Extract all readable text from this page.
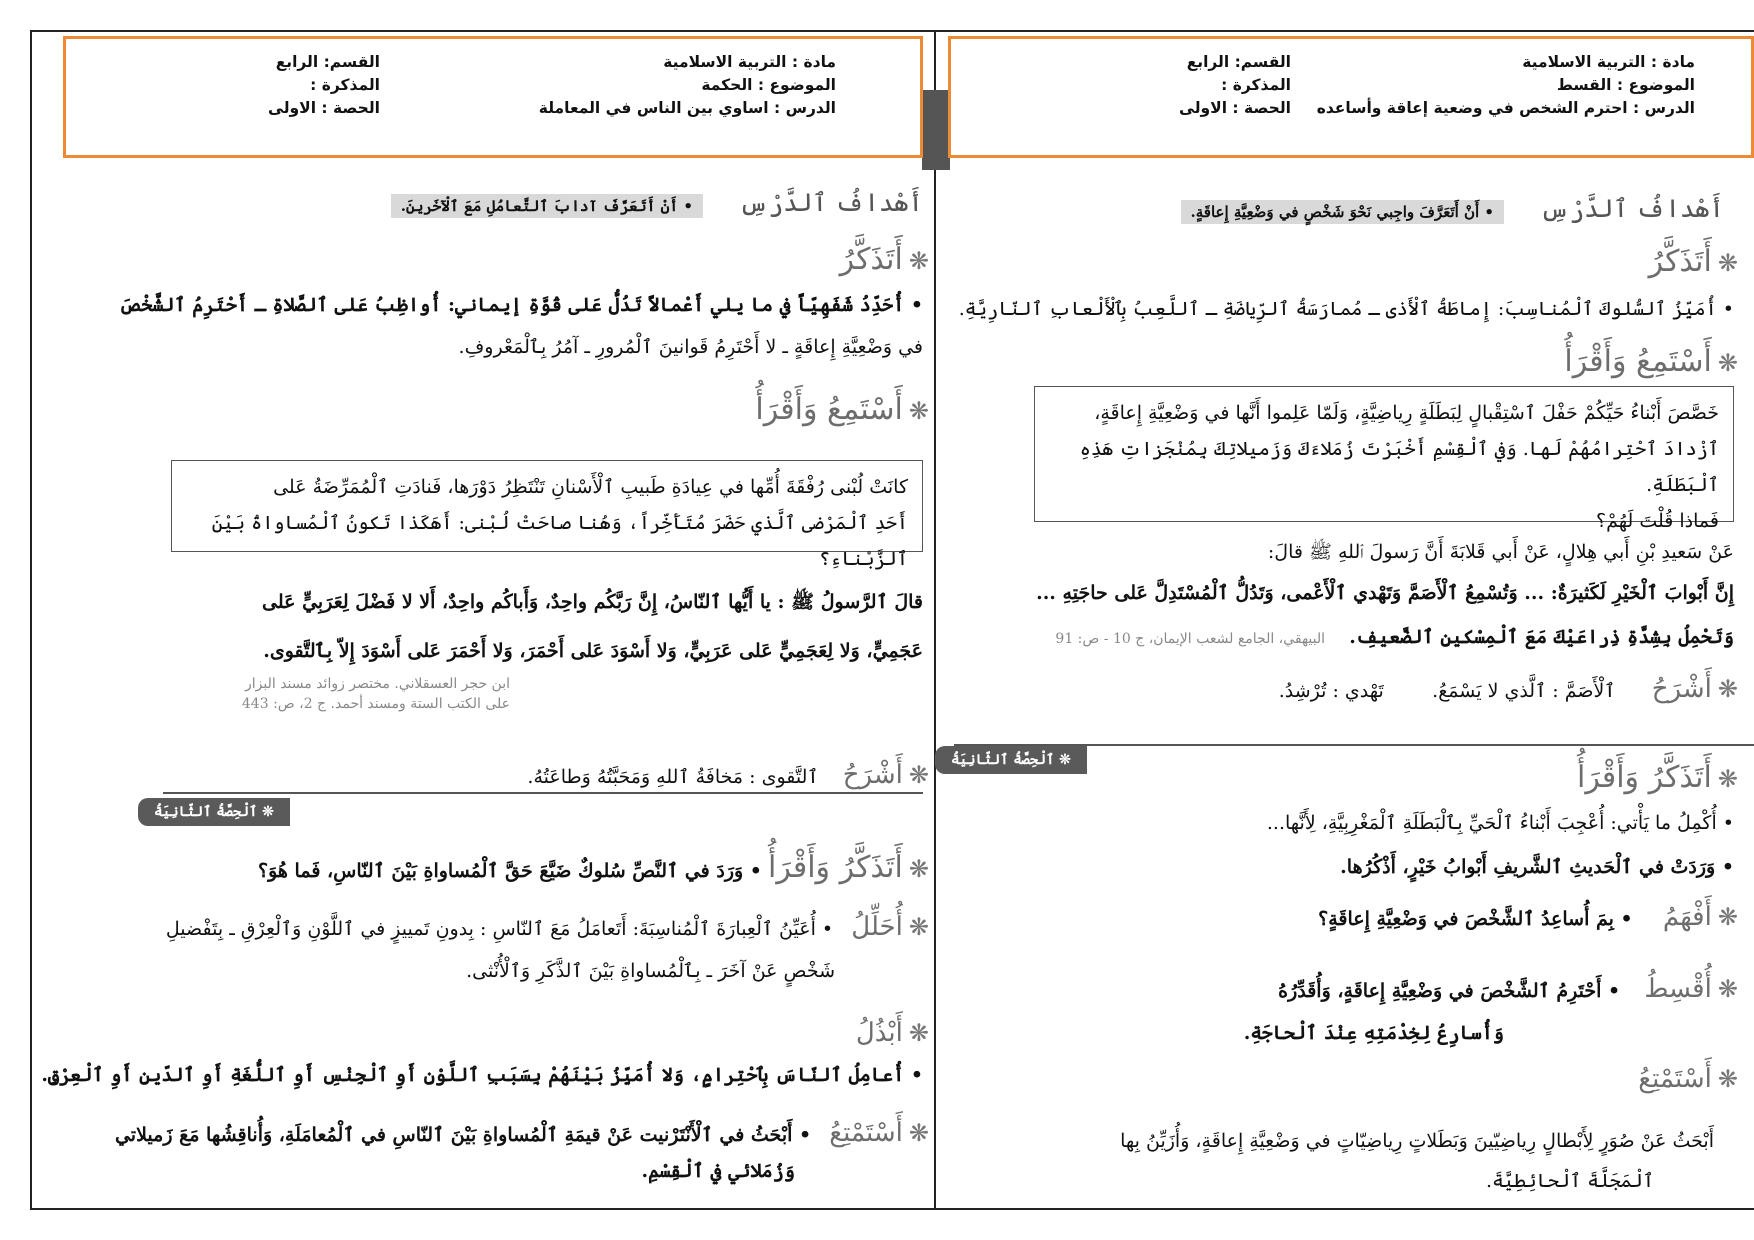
مادة : التربية الاسلامية
الموضوع : الحكمة
الدرس : اساوي بين الناس في المعاملة
القسم: الرابع
المذكرة :
الحصة : الاولى
أَهْدافُ ٱلدَّرْسِ      • أَنْ أَتَعَرَّفَ آدابَ ٱلتَّعامُلِ مَعَ ٱلْآخَرينَ.
❋ أَتَذَكَّرُ
• أُحَدِّدُ شَفَهِيّاً في ما يلي أَعْمالاً تَدُلُّ عَلى قُوَّةِ إيماني: أُواظِبُ عَلى ٱلصَّلاةِ ـ أَحْتَرِمُ ٱلشَّخْصَ
في وَضْعِيَّةِ إِعاقَةٍ ـ لا أَحْتَرِمُ قَوانينَ ٱلْمُرورِ ـ آمُرُ بِٱلْمَعْروفِ.
❋ أَسْتَمِعُ وَأَقْرَأُ
كانَتْ لُبْنى رُفْقَةَ أُمِّها في عِيادَةِ طَبيبِ ٱلْأَسْنانِ تَنْتَظِرُ دَوْرَها، فَنادَتِ ٱلْمُمَرِّضَةُ عَلى
أَحَدِ ٱلْمَرْضى ٱلَّذي حَضَرَ مُتَأَخِّراً، وَهُنا صاحَتْ لُبْنى: أَهَكَذا تَكونُ ٱلْمُساواةُ بَيْنَ ٱلزَّبْناءِ؟
قالَ ٱلرَّسولُ ﷺ : يا أَيُّها ٱلنّاسُ، إِنَّ رَبَّكُم واحِدٌ، وَأَباكُم واحِدٌ، أَلا لا فَضْلَ لِعَرَبِيٍّ عَلى
عَجَمِيٍّ، وَلا لِعَجَمِيٍّ عَلى عَرَبِيٍّ، وَلا أَسْوَدَ عَلى أَحْمَرَ، وَلا أَحْمَرَ عَلى أَسْوَدَ إِلاّ بِٱلتَّقوى.
ابن حجر العسقلاني. مختصر زوائد مسند البزار
على الكتب الستة ومسند أحمد. ج 2، ص: 443
❋ أَشْرَحُ    ٱلتَّقوى : مَخافَةُ ٱللهِ وَمَحَبَّتُهُ وَطاعَتُهُ.
❊ ٱلْحِصَّةُ ٱلثّانِيَةُ
❋ أَتَذَكَّرُ وَأَقْرَأُ • وَرَدَ في ٱلنَّصِّ سُلوكٌ ضَيَّعَ حَقَّ ٱلْمُساواةِ بَيْنَ ٱلنّاسِ، فَما هُوَ؟
❋ أُحَلِّلُ   • أُعَيِّنُ ٱلْعِبارَةَ ٱلْمُناسِبَةَ: أَتَعامَلُ مَعَ ٱلنّاسِ : بِدونِ تَمييزٍ في ٱللَّوْنِ وَٱلْعِرْقِ ـ بِتَفْضيلِ
شَخْصٍ عَنْ آخَرَ ـ بِٱلْمُساواةِ بَيْنَ ٱلذَّكَرِ وَٱلْأُنْثى.
❋ أَبْذُلُ
• أُعامِلُ ٱلنّاسَ بِٱحْتِرامٍ، وَلا أُمَيِّزُ بَيْنَهُمْ بِسَبَبِ ٱللَّوْنِ أَوِ ٱلْجِنْسِ أَوِ ٱللُّغَةِ أَوِ ٱلدّينِ أَوِ ٱلْعِرْقِ.
❋ أَسْتَمْتِعُ   • أَبْحَثُ في ٱلْأَنْتَرْنيت عَنْ قيمَةِ ٱلْمُساواةِ بَيْنَ ٱلنّاسِ في ٱلْمُعامَلَةِ، وَأُناقِشُها مَعَ زَميلاتي
وَزُمَلائي في ٱلْقِسْمِ.
مادة : التربية الاسلامية
الموضوع : القسط
الدرس : احترم الشخص في وضعية إعاقة وأساعده
القسم: الرابع
المذكرة :
الحصة : الاولى
أَهْدافُ ٱلدَّرْسِ      • أَنْ أَتَعَرَّفَ واجِبي نَحْوَ شَخْصٍ في وَضْعِيَّةِ إِعاقَةٍ.
❋ أَتَذَكَّرُ
• أُمَيِّزُ ٱلسُّلوكَ ٱلْمُناسِبَ: إِماطَةُ ٱلْأَذى ـ مُمارَسَةُ ٱلرِّياضَةِ ـ ٱللَّعِبُ بِٱلْأَلْعابِ ٱلنّارِيَّةِ.
❋ أَسْتَمِعُ وَأَقْرَأُ
خَصَّصَ أَبْناءُ حَيِّكُمْ حَفْلَ ٱسْتِقْبالٍ لِبَطَلَةٍ رِياضِيَّةٍ، وَلَمّا عَلِموا أَنَّها في وَضْعِيَّةِ إِعاقَةٍ،
ٱزْدادَ ٱحْتِرامُهُمْ لَها. وَفي ٱلْقِسْمِ أَخْبَرْتَ زُمَلاءَكَ وَزَميلاتِكَ بِمُنْجَزاتِ هَذِهِ ٱلْبَطَلَةِ.
فَماذا قُلْتَ لَهُمْ؟
عَنْ سَعيدِ بْنِ أَبي هِلالٍ، عَنْ أَبي قَلابَةَ أَنَّ رَسولَ ٱللهِ ﷺ قالَ:
إِنَّ أَبْوابَ ٱلْخَيْرِ لَكَثيرَةٌ: ... وَتُسْمِعُ ٱلْأَصَمَّ وَتَهْدي ٱلْأَعْمى، وَتَدُلُّ ٱلْمُسْتَدِلَّ عَلى حاجَتِهِ ...
وَتَحْمِلُ بِشِدَّةِ ذِراعَيْكَ مَعَ ٱلْمِسْكينِ ٱلضَّعيفِ.    البيهقي، الجامع لشعب الإيمان، ج 10 - ص: 91
❋ أَشْرَحُ      ٱلْأَصَمَّ : ٱلَّذي لا يَسْمَعُ.        تَهْدي : تُرْشِدُ.
❊ ٱلْحِصَّةُ ٱلثّانِيَةُ
❋ أَتَذَكَّرُ وَأَقْرَأُ
• أُكْمِلُ ما يَأْتي: أُعْجِبَ أَبْناءُ ٱلْحَيِّ بِٱلْبَطَلَةِ ٱلْمَغْرِبِيَّةِ، لِأَنَّها...
• وَرَدَتْ في ٱلْحَديثِ ٱلشَّريفِ أَبْوابُ خَيْرٍ، أَذْكُرُها.
❋ أَفْهَمُ     • بِمَ أُساعِدُ ٱلشَّخْصَ في وَضْعِيَّةِ إِعاقَةٍ؟
❋ أُقْسِطُ    • أَحْتَرِمُ ٱلشَّخْصَ في وَضْعِيَّةِ إِعاقَةٍ، وَأُقَدِّرُهُ
وَأُسارِعُ لِخِدْمَتِهِ عِنْدَ ٱلْحاجَةِ.
❋ أَسْتَمْتِعُ
أَبْحَثُ عَنْ صُوَرٍ لِأَبْطالٍ رِياضِيّينَ وَبَطَلاتٍ رِياضِيّاتٍ في وَضْعِيَّةِ إِعاقَةٍ، وَأُزَيِّنُ بِها
ٱلْمَجَلَّةَ ٱلْحائِطِيَّةَ.
